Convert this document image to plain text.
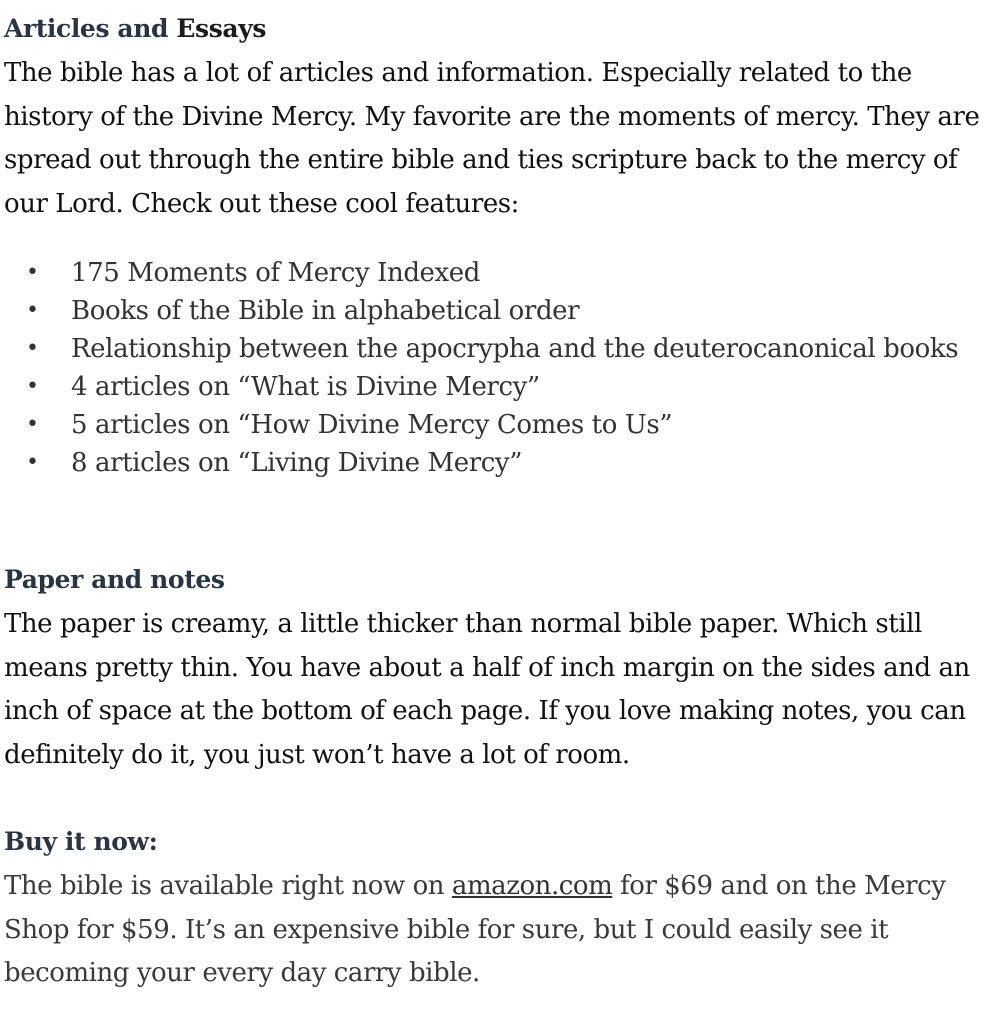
Articles and Essays

The bible has a lot of articles and information. Especially related to the history of the Divine Mercy. My favorite are the moments of mercy. They are spread out through the entire bible and ties scripture back to the mercy of our Lord. Check out these cool features:

• 175 Moments of Mercy Indexed
• Books of the Bible in alphabetical order
• Relationship between the apocrypha and the deuterocanonical books
• 4 articles on “What is Divine Mercy”
• 5 articles on “How Divine Mercy Comes to Us”
• 8 articles on “Living Divine Mercy”
Paper and notes

The paper is creamy, a little thicker than normal bible paper. Which still means pretty thin. You have about a half of inch margin on the sides and an inch of space at the bottom of each page. If you love making notes, you can definitely do it, you just won’t have a lot of room.

Buy it now:

The bible is available right now on amazon.com for $69 and on the Mercy Shop for $59. It’s an expensive bible for sure, but I could easily see it becoming your every day carry bible.
